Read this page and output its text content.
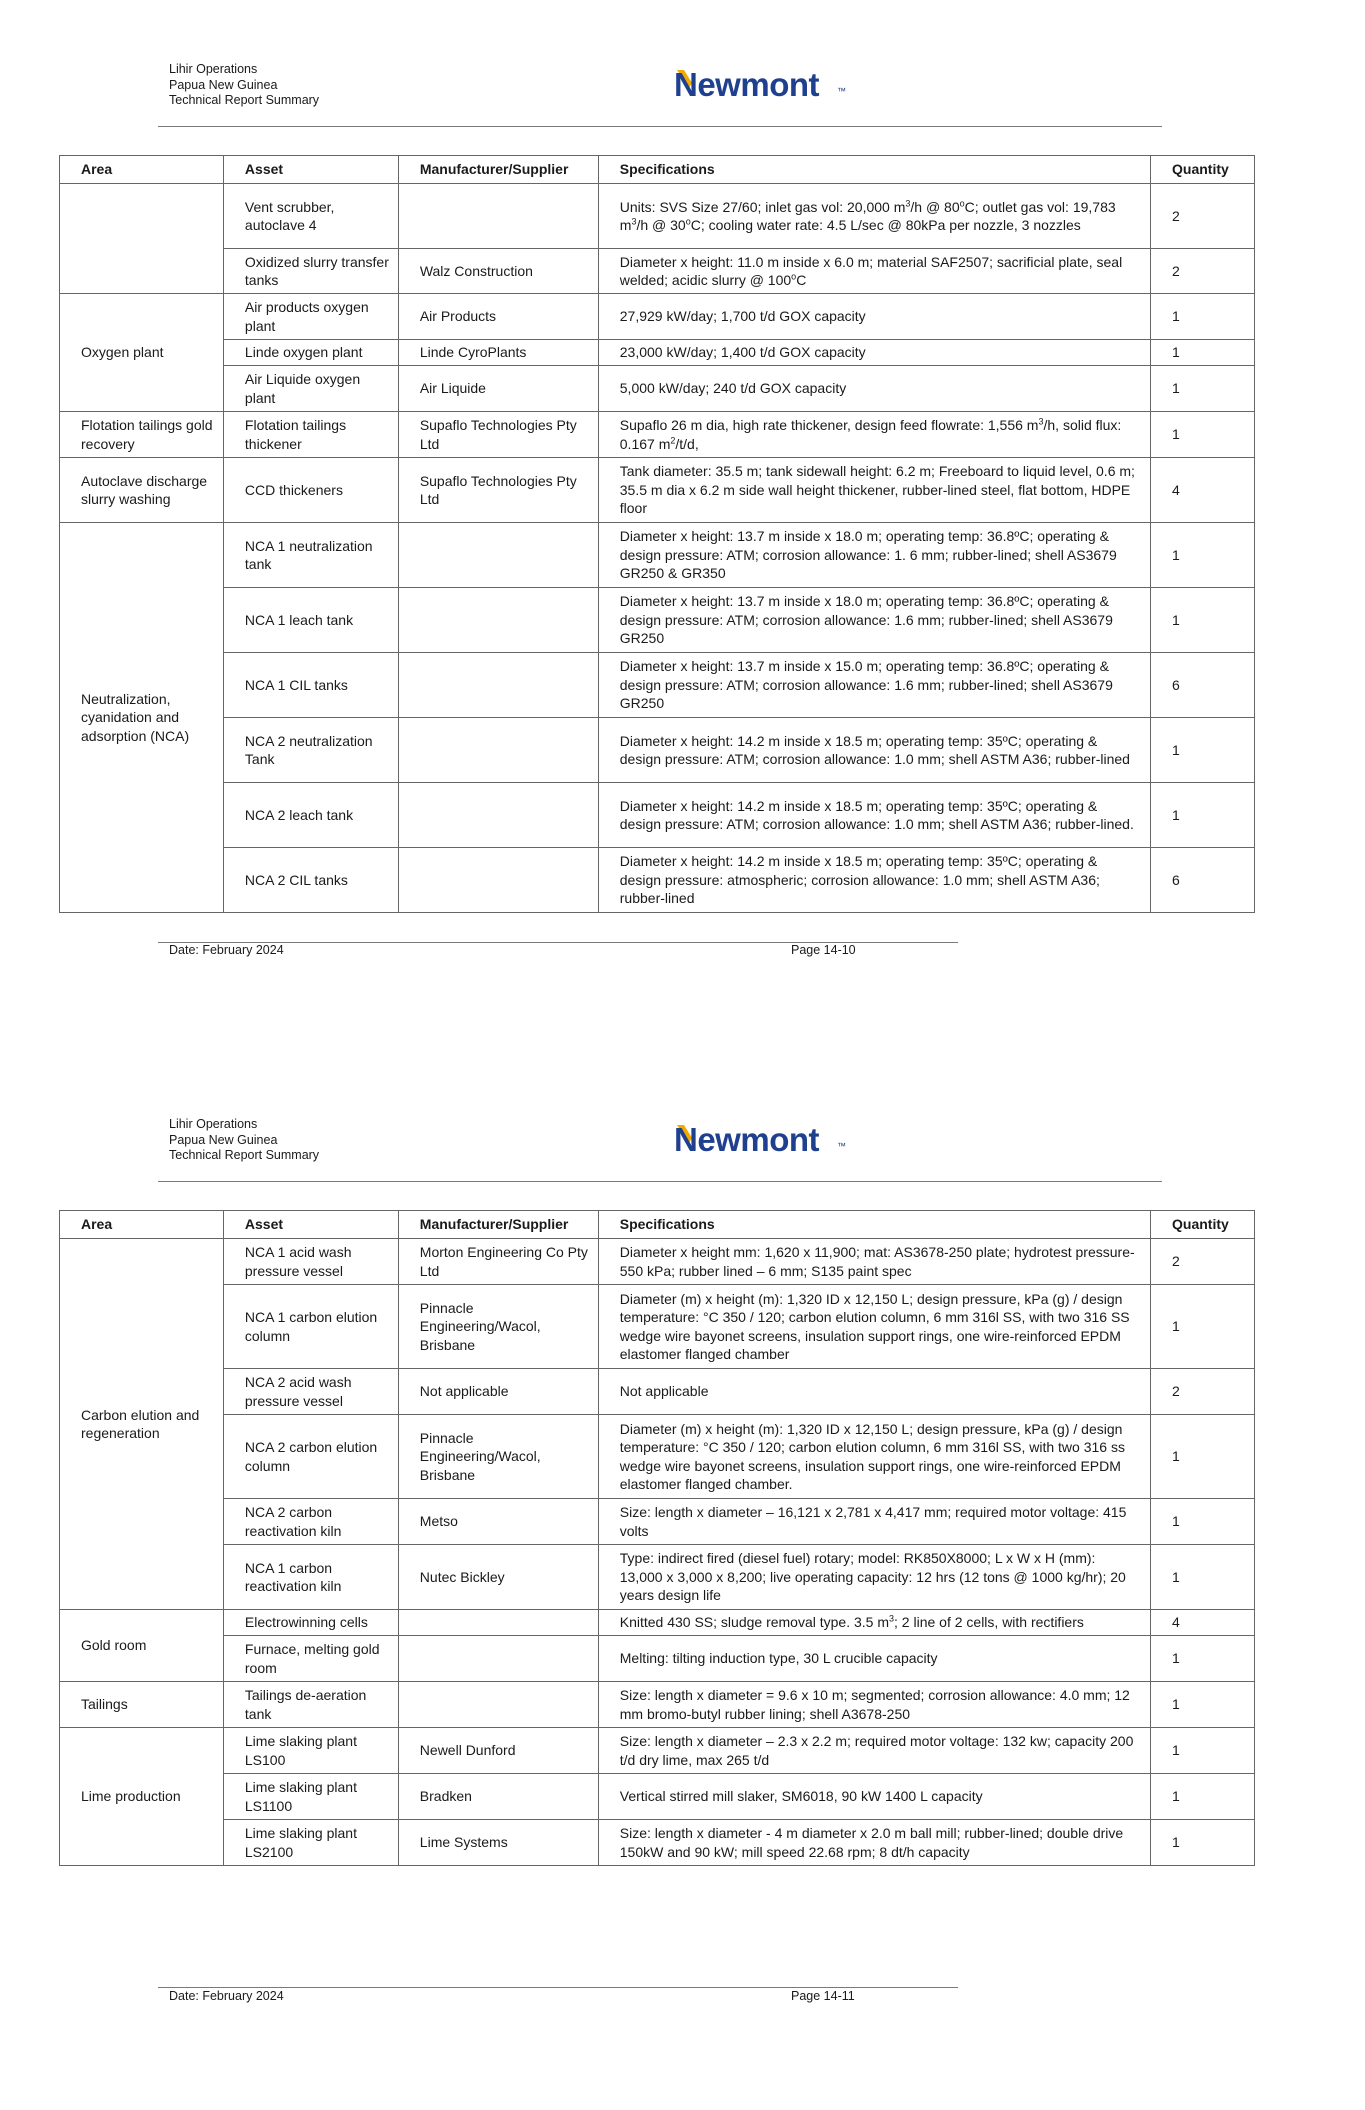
Lihir Operations
Papua New Guinea
Technical Report Summary	Newmont ™
Area	Asset	Manufacturer/Supplier	Specifications	Quantity
	Vent scrubber, autoclave 4		Units: SVS Size 27/60; inlet gas vol: 20,000 $m^3/h$ @ 80$^o$C; outlet gas vol: 19,783 $m^3/h$ @ 30$^o$C; cooling water rate: 4.5 L/sec @ 80kPa per nozzle, 3 nozzles	2
	Oxidized slurry transfer tanks	Walz Construction	Diameter x height: 11.0 m inside x 6.0 m; material SAF2507; sacrificial plate, seal welded; acidic slurry @ 100$^o$C	2
Oxygen plant	Air products oxygen plant	Air Products	27,929 kW/day; 1,700 t/d GOX capacity	1
	Linde oxygen plant	Linde CyroPlants	23,000 kW/day; 1,400 t/d GOX capacity	1
	Air Liquide oxygen plant	Air Liquide	5,000 kW/day; 240 t/d GOX capacity	1
Flotation tailings gold recovery	Flotation tailings thickener	Supaflo Technologies Pty Ltd	Supaflo 26 m dia, high rate thickener, design feed flowrate: 1,556 $m^3/h$, solid flux: 0.167 $m^2/t/d$,	1
Autoclave discharge slurry washing	CCD thickeners	Supaflo Technologies Pty Ltd	Tank diameter: 35.5 m; tank sidewall height: 6.2 m; Freeboard to liquid level, 0.6 m; 35.5 m dia x 6.2 m side wall height thickener, rubber-lined steel, flat bottom, HDPE floor	4
Neutralization, cyanidation and adsorption (NCA)	NCA 1 neutralization tank		Diameter x height: 13.7 m inside x 18.0 m; operating temp: 36.8ºC; operating & design pressure: ATM; corrosion allowance: 1. 6 mm; rubber-lined; shell AS3679 GR250 & GR350	1
	NCA 1 leach tank		Diameter x height: 13.7 m inside x 18.0 m; operating temp: 36.8ºC; operating & design pressure: ATM; corrosion allowance: 1.6 mm; rubber-lined; shell AS3679 GR250	1
	NCA 1 CIL tanks		Diameter x height: 13.7 m inside x 15.0 m; operating temp: 36.8ºC; operating & design pressure: ATM; corrosion allowance: 1.6 mm; rubber-lined; shell AS3679 GR250	6
	NCA 2 neutralization Tank		Diameter x height: 14.2 m inside x 18.5 m; operating temp: 35ºC; operating & design pressure: ATM; corrosion allowance: 1.0 mm; shell ASTM A36; rubber-lined	1
	NCA 2 leach tank		Diameter x height: 14.2 m inside x 18.5 m; operating temp: 35ºC; operating & design pressure: ATM; corrosion allowance: 1.0 mm; shell ASTM A36; rubber-lined.	1
	NCA 2 CIL tanks		Diameter x height: 14.2 m inside x 18.5 m; operating temp: 35ºC; operating & design pressure: atmospheric; corrosion allowance: 1.0 mm; shell ASTM A36; rubber-lined	6
Date: February 2024	Page 14-10
Lihir Operations
Papua New Guinea
Technical Report Summary	Newmont ™
Area	Asset	Manufacturer/Supplier	Specifications	Quantity
Carbon elution and regeneration	NCA 1 acid wash pressure vessel	Morton Engineering Co Pty Ltd	Diameter x height mm: 1,620 x 11,900; mat: AS3678-250 plate; hydrotest pressure- 550 kPa; rubber lined – 6 mm; S135 paint spec	2
	NCA 1 carbon elution column	Pinnacle Engineering/Wacol, Brisbane	Diameter (m) x height (m): 1,320 ID x 12,150 L; design pressure, kPa (g) / design temperature: °C 350 / 120; carbon elution column, 6 mm 316l SS, with two 316 SS wedge wire bayonet screens, insulation support rings, one wire-reinforced EPDM elastomer flanged chamber	1
	NCA 2 acid wash pressure vessel	Not applicable	Not applicable	2
	NCA 2 carbon elution column	Pinnacle Engineering/Wacol, Brisbane	Diameter (m) x height (m): 1,320 ID x 12,150 L; design pressure, kPa (g) / design temperature: °C 350 / 120; carbon elution column, 6 mm 316l SS, with two 316 ss wedge wire bayonet screens, insulation support rings, one wire-reinforced EPDM elastomer flanged chamber.	1
	NCA 2 carbon reactivation kiln	Metso	Size: length x diameter – 16,121 x 2,781 x 4,417 mm; required motor voltage: 415 volts	1
	NCA 1 carbon reactivation kiln	Nutec Bickley	Type: indirect fired (diesel fuel) rotary; model: RK850X8000; L x W x H (mm): 13,000 x 3,000 x 8,200; live operating capacity: 12 hrs (12 tons @ 1000 kg/hr); 20 years design life	1
Gold room	Electrowinning cells		Knitted 430 SS; sludge removal type. 3.5 $m^3$; 2 line of 2 cells, with rectifiers	4
	Furnace, melting gold room		Melting: tilting induction type, 30 L crucible capacity	1
Tailings	Tailings de-aeration tank		Size: length x diameter = 9.6 x 10 m; segmented; corrosion allowance: 4.0 mm; 12 mm bromo-butyl rubber lining; shell A3678-250	1
Lime production	Lime slaking plant LS100	Newell Dunford	Size: length x diameter – 2.3 x 2.2 m; required motor voltage: 132 kw; capacity 200 t/d dry lime, max 265 t/d	1
	Lime slaking plant LS1100	Bradken	Vertical stirred mill slaker, SM6018, 90 kW 1400 L capacity	1
	Lime slaking plant LS2100	Lime Systems	Size: length x diameter - 4 m diameter x 2.0 m ball mill; rubber-lined; double drive 150kW and 90 kW; mill speed 22.68 rpm; 8 dt/h capacity	1
Date: February 2024	Page 14-11
